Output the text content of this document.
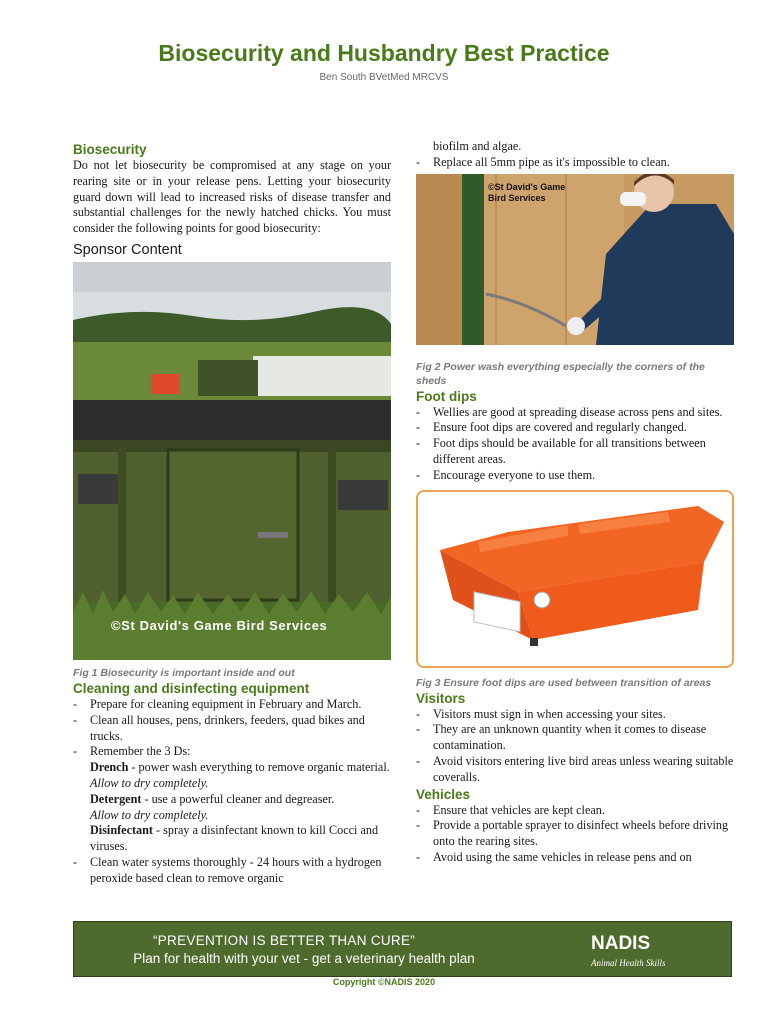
Biosecurity and Husbandry Best Practice
Ben South BVetMed MRCVS
Biosecurity

Do not let biosecurity be compromised at any stage on your rearing site or in your release pens. Letting your biosecurity guard down will lead to increased risks of disease transfer and substantial challenges for the newly hatched chicks. You must consider the following points for good biosecurity:

Sponsor Content
©St David's Game Bird Services
Fig 1 Biosecurity is important inside and out
Cleaning and disinfecting equipment
- Prepare for cleaning equipment in February and March.
- Clean all houses, pens, drinkers, feeders, quad bikes and trucks.
- Remember the 3 Ds:
Drench - power wash everything to remove organic material.
Allow to dry completely.
Detergent - use a powerful cleaner and degreaser.
Allow to dry completely.
Disinfectant - spray a disinfectant known to kill Cocci and viruses.
- Clean water systems thoroughly - 24 hours with a hydrogen peroxide based clean to remove organic
biofilm and algae.
- Replace all 5mm pipe as it's impossible to clean.
©St David's Game
Bird Services
Fig 2 Power wash everything especially the corners of the sheds
Foot dips
- Wellies are good at spreading disease across pens and sites.
- Ensure foot dips are covered and regularly changed.
- Foot dips should be available for all transitions between different areas.
- Encourage everyone to use them.
Fig 3 Ensure foot dips are used between transition of areas
Visitors
- Visitors must sign in when accessing your sites.
- They are an unknown quantity when it comes to disease contamination.
- Avoid visitors entering live bird areas unless wearing suitable coveralls.
Vehicles
- Ensure that vehicles are kept clean.
- Provide a portable sprayer to disinfect wheels before driving onto the rearing sites.
- Avoid using the same vehicles in release pens and on
“PREVENTION IS BETTER THAN CURE”
Plan for health with your vet - get a veterinary health plan
NADIS
Animal Health Skills
Copyright ©NADIS 2020
